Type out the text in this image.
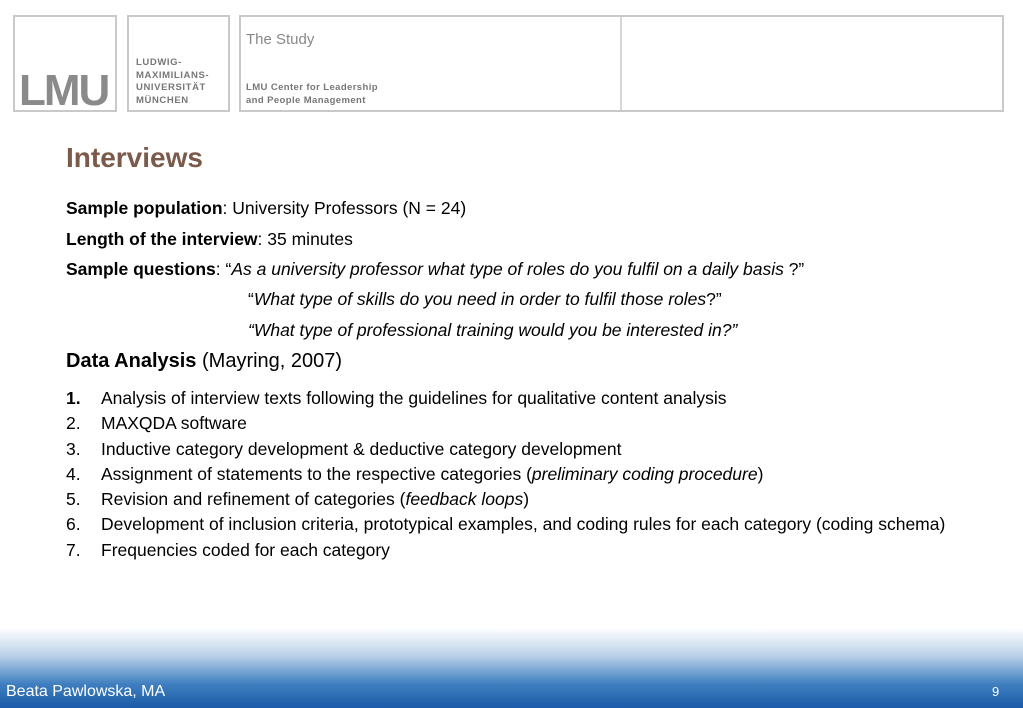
LMU
LUDWIG-
MAXIMILIANS-
UNIVERSITÄT
MÜNCHEN
The Study
LMU Center for Leadership
and People Management
Interviews
Sample population: University Professors (N = 24)
Length of the interview: 35 minutes
Sample questions: “As a university professor what type of roles do you fulfil on a daily basis ?”
“What type of skills do you need in order to fulfil those roles?”
“What type of professional training would you be interested in?”
Data Analysis (Mayring, 2007)
1. Analysis of interview texts following the guidelines for qualitative content analysis
2. MAXQDA software
3. Inductive category development & deductive category development
4. Assignment of statements to the respective categories (preliminary coding procedure)
5. Revision and refinement of categories (feedback loops)
6. Development of inclusion criteria, prototypical examples, and coding rules for each category (coding schema)
7. Frequencies coded for each category
Beata Pawlowska, MA	9
